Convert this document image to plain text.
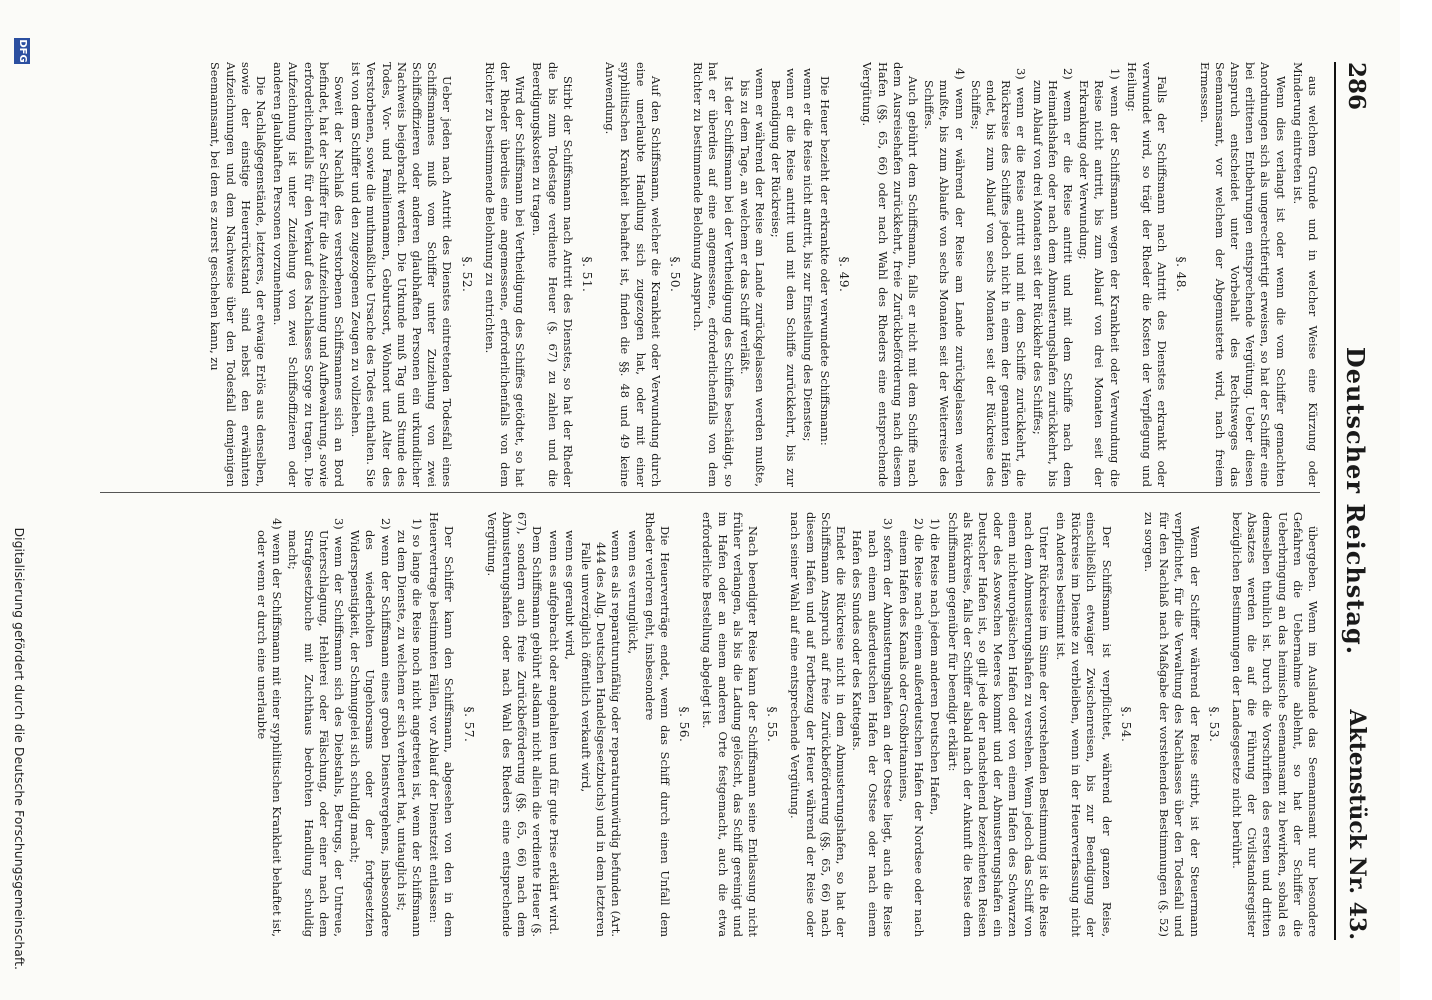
286
Deutscher Reichstag.
Aktenstück Nr. 43.

aus welchem Grunde und in welcher Weise eine Kürzung oder Minderung eintreten ist.

Wenn dies verlangt ist oder wenn die vom Schiffer gemachten Anordnungen sich als ungerechtfertigt erweisen, so hat der Schiffer eine bei erlittenen Entbehrungen entsprechende Vergütung. Ueber diesen Anspruch entscheidet unter Vorbehalt des Rechtsweges das Seemannsamt, vor welchem der Abgemusterte wird, nach freiem Ermessen.

§. 48.

Falls der Schiffsmann nach Antritt des Dienstes erkrankt oder verwundet wird, so trägt der Rheder die Kosten der Verpflegung und Heilung:

1) wenn der Schiffsmann wegen der Krankheit oder Verwundung die Reise nicht antritt, bis zum Ablauf von drei Monaten seit der Erkrankung oder Verwundung;

2) wenn er die Reise antritt und mit dem Schiffe nach dem Heimathshafen oder nach dem Abmusterungshafen zurückkehrt, bis zum Ablauf von drei Monaten seit der Rückkehr des Schiffes;

3) wenn er die Reise antritt und mit dem Schiffe zurückkehrt, die Rückreise des Schiffes jedoch nicht in einem der genannten Häfen endet, bis zum Ablauf von sechs Monaten seit der Rückreise des Schiffes;

4) wenn er während der Reise am Lande zurückgelassen werden mußte, bis zum Ablaufe von sechs Monaten seit der Weiterreise des Schiffes.

Auch gebührt dem Schiffsmann, falls er nicht mit dem Schiffe nach dem Ausreisehafen zurückkehrt, freie Zurückbeförderung nach diesem Hafen (§§. 65, 66) oder nach Wahl des Rheders eine entsprechende Vergütung.

§. 49.

Die Heuer bezieht der erkrankte oder verwundete Schiffsmann:

wenn er die Reise nicht antritt, bis zur Einstellung des Dienstes;

wenn er die Reise antritt und mit dem Schiffe zurückkehrt, bis zur Beendigung der Rückreise;

wenn er während der Reise am Lande zurückgelassen werden mußte, bis zu dem Tage, an welchem er das Schiff verläßt.

Ist der Schiffsmann bei der Vertheidigung des Schiffes beschädigt, so hat er überdies auf eine angemessene, erforderlichenfalls von dem Richter zu bestimmende Belohnung Anspruch.

§. 50.

Auf den Schiffsmann, welcher die Krankheit oder Verwundung durch eine unerlaubte Handlung sich zugezogen hat, oder mit einer syphilitischen Krankheit behaftet ist, finden die §§. 48 und 49 keine Anwendung.

§. 51.

Stirbt der Schiffsmann nach Antritt des Dienstes, so hat der Rheder die bis zum Todestage verdiente Heuer (§. 67) zu zahlen und die Beerdigungskosten zu tragen.

Wird der Schiffsmann bei Vertheidigung des Schiffes getödtet, so hat der Rheder überdies eine angemessene, erforderlichenfalls von dem Richter zu bestimmende Belohnung zu entrichten.

§. 52.

Ueber jeden nach Antritt des Dienstes eintretenden Todesfall eines Schiffsmannes muß vom Schiffer unter Zuziehung von zwei Schiffsoffizieren oder anderen glaubhaften Personen ein urkundlicher Nachweis beigebracht werden. Die Urkunde muß Tag und Stunde des Todes, Vor- und Familiennamen, Geburtsort, Wohnort und Alter des Verstorbenen, sowie die muthmaßliche Ursache des Todes enthalten. Sie ist von dem Schiffer und den zugezogenen Zeugen zu vollziehen.

Soweit der Nachlaß des verstorbenen Schiffsmannes sich an Bord befindet, hat der Schiffer für die Aufzeichnung und Aufbewahrung, sowie erforderlichenfalls für den Verkauf des Nachlasses Sorge zu tragen. Die Aufzeichnung ist unter Zuziehung von zwei Schiffsoffizieren oder anderen glaubhaften Personen vorzunehmen.

Die Nachlaßgegenstände, letzteres, der etwaige Erlös aus denselben, sowie der einstige Heuerrückstand sind nebst den erwähnten Aufzeichnungen und dem Nachweise über den Todesfall demjenigen Seemannsamt, bei dem es zuerst geschehen kann, zu

übergeben. Wenn im Auslande das Seemannsamt nur besondere Gefahren die Uebernahme ablehnt, so hat der Schiffer die Ueberbringung an das heimische Seemannsamt zu bewirken, sobald es demselben thunlich ist. Durch die Vorschriften des ersten und dritten Absatzes werden die auf die Führung der Civilstandsregister bezüglichen Bestimmungen der Landesgesetze nicht berührt.

§. 53.

Wenn der Schiffer während der Reise stirbt, ist der Steuermann verpflichtet, für die Verwaltung des Nachlasses über den Todesfall und für den Nachlaß nach Maßgabe der vorstehenden Bestimmungen (§. 52) zu sorgen.

§. 54.

Der Schiffsmann ist verpflichtet, während der ganzen Reise, einschließlich etwaiger Zwischenreisen, bis zur Beendigung der Rückreise im Dienste zu verbleiben, wenn in der Heuerverfassung nicht ein Anderes bestimmt ist.

Unter Rückreise im Sinne der vorstehenden Bestimmung ist die Reise nach dem Abmusterungshafen zu verstehen. Wenn jedoch das Schiff von einem nichteuropäischen Hafen oder von einem Hafen des Schwarzen oder des Asowschen Meeres kommt und der Abmusterungshafen ein Deutscher Hafen ist, so gilt jede der nachstehend bezeichneten Reisen als Rückreise, falls der Schiffer alsbald nach der Ankunft die Reise dem Schiffsmann gegenüber für beendigt erklärt:

1) die Reise nach jedem anderen Deutschen Hafen,

2) die Reise nach einem außerdeutschen Hafen der Nordsee oder nach einem Hafen des Kanals oder Großbritanniens,

3) sofern der Abmusterungshafen an der Ostsee liegt, auch die Reise nach einem außerdeutschen Hafen der Ostsee oder nach einem Hafen des Sundes oder des Kattegats.

Endet die Rückreise nicht in dem Abmusterungshafen, so hat der Schiffsmann Anspruch auf freie Zurückbeförderung (§§. 65, 66) nach diesem Hafen und auf Fortbezug der Heuer während der Reise oder nach seiner Wahl auf eine entsprechende Vergütung.

§. 55.

Nach beendigter Reise kann der Schiffsmann seine Entlassung nicht früher verlangen, als bis die Ladung gelöscht, das Schiff gereinigt und im Hafen oder an einem anderen Orte festgemacht, auch die etwa erforderliche Bestellung abgelegt ist.

§. 56.

Die Heuerverträge endet, wenn das Schiff durch einen Unfall dem Rheder verloren geht, insbesondere

wenn es verunglückt,

wenn es als reparaturunfähig oder reparaturunwürdig befunden (Art. 444 des Allg. Deutschen Handelsgesetzbuchs) und in dem letzteren Falle unverzüglich öffentlich verkauft wird,

wenn es geraubt wird,

wenn es aufgebracht oder angehalten und für gute Prise erklärt wird.

Dem Schiffsmann gebührt alsdann nicht allein die verdiente Heuer (§. 67), sondern auch freie Zurückbeförderung (§§. 65, 66) nach dem Abmusterungshafen oder nach Wahl des Rheders eine entsprechende Vergütung.

§. 57.

Der Schiffer kann den Schiffsmann, abgesehen von den in dem Heuervertrage bestimmten Fällen, vor Ablauf der Dienstzeit entlassen:

1) so lange die Reise noch nicht angetreten ist, wenn der Schiffsmann zu dem Dienste, zu welchem er sich verheuert hat, untauglich ist;

2) wenn der Schiffsmann eines groben Dienstvergehens, insbesondere des wiederholten Ungehorsams oder der fortgesetzten Widerspenstigkeit, der Schmuggelei sich schuldig macht;

3) wenn der Schiffsmann sich des Diebstahls, Betrugs, der Untreue, Unterschlagung, Hehlerei oder Fälschung, oder einer nach dem Strafgesetzbuche mit Zuchthaus bedrohten Handlung schuldig macht;

4) wenn der Schiffsmann mit einer syphilitischen Krankheit behaftet ist, oder wenn er durch eine unerlaubte

DFG
Digitalisierung gefördert durch die Deutsche Forschungsgemeinschaft.
